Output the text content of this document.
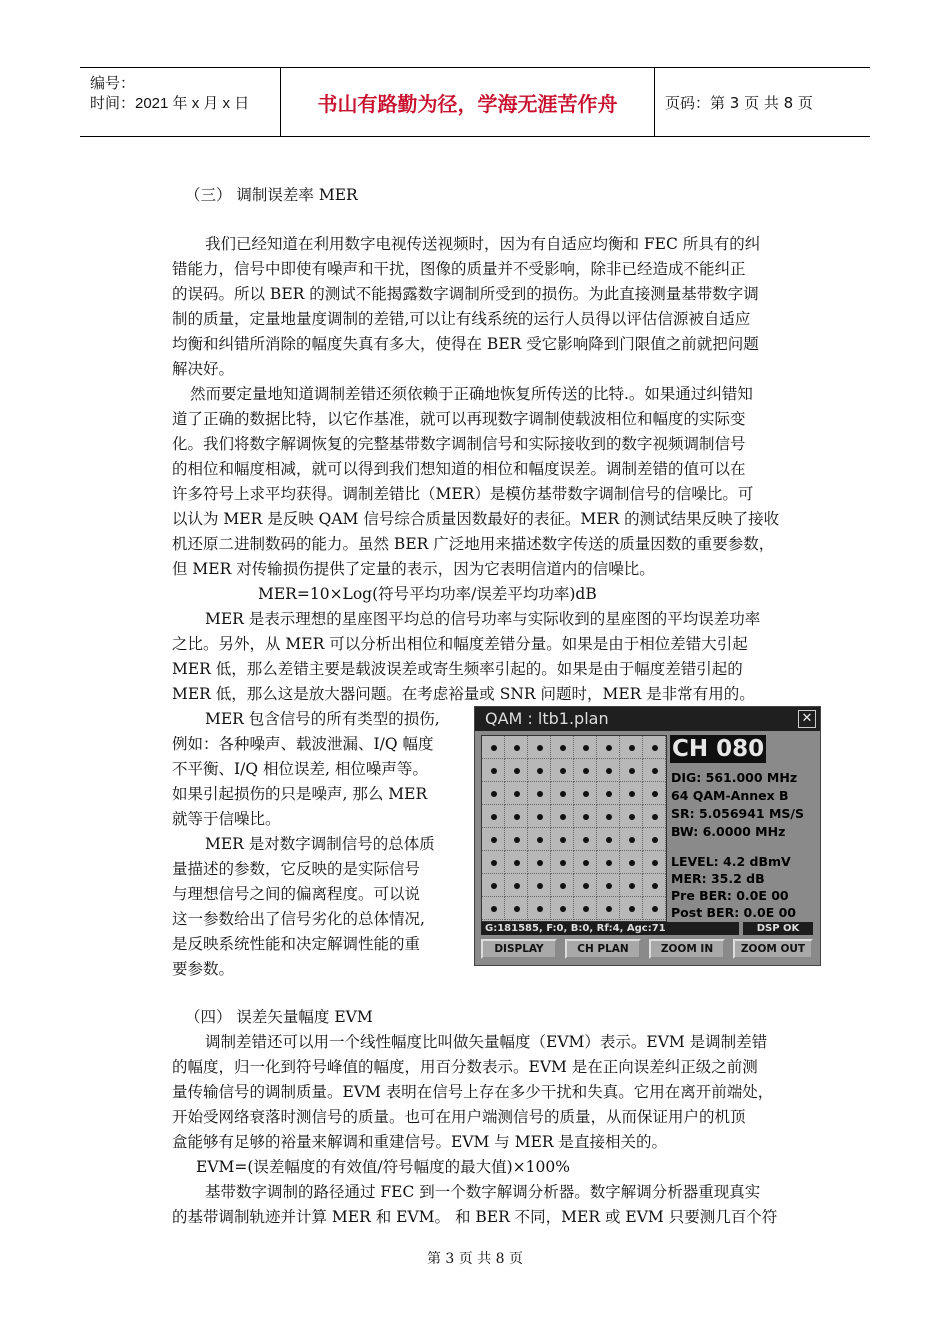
编号：
时间：2021 年 x 月 x 日	书山有路勤为径，学海无涯苦作舟	页码：第 3 页 共 8 页
（三） 调制误差率 MER
我们已经知道在利用数字电视传送视频时，因为有自适应均衡和 FEC 所具有的纠
错能力，信号中即使有噪声和干扰，图像的质量并不受影响，除非已经造成不能纠正
的误码。所以 BER 的测试不能揭露数字调制所受到的损伤。为此直接测量基带数字调
制的质量，定量地量度调制的差错,可以让有线系统的运行人员得以评估信源被自适应
均衡和纠错所消除的幅度失真有多大，使得在 BER 受它影响降到门限值之前就把问题
解决好。
然而要定量地知道调制差错还须依赖于正确地恢复所传送的比特.。如果通过纠错知
道了正确的数据比特，以它作基准，就可以再现数字调制使载波相位和幅度的实际变
化。我们将数字解调恢复的完整基带数字调制信号和实际接收到的数字视频调制信号
的相位和幅度相减，就可以得到我们想知道的相位和幅度误差。调制差错的值可以在
许多符号上求平均获得。调制差错比（MER）是模仿基带数字调制信号的信噪比。可
以认为 MER 是反映 QAM 信号综合质量因数最好的表征。MER 的测试结果反映了接收
机还原二进制数码的能力。虽然 BER 广泛地用来描述数字传送的质量因数的重要参数，
但 MER 对传输损伤提供了定量的表示，因为它表明信道内的信噪比。
MER=10×Log(符号平均功率/误差平均功率)dB
MER 是表示理想的星座图平均总的信号功率与实际收到的星座图的平均误差功率
之比。另外，从 MER 可以分析出相位和幅度差错分量。如果是由于相位差错大引起
MER 低，那么差错主要是载波误差或寄生频率引起的。如果是由于幅度差错引起的
MER 低，那么这是放大器问题。在考虑裕量或 SNR 问题时，MER 是非常有用的。
MER 包含信号的所有类型的损伤,
例如：各种噪声、载波泄漏、I/Q 幅度
不平衡、I/Q 相位误差, 相位噪声等。
如果引起损伤的只是噪声, 那么 MER
就等于信噪比。
MER 是对数字调制信号的总体质
量描述的参数，它反映的是实际信号
与理想信号之间的偏离程度。可以说
这一参数给出了信号劣化的总体情况,
是反映系统性能和决定解调性能的重
要参数。
QAM : ltb1.plan	✕
CH 080
DIG: 561.000 MHz
64 QAM-Annex B
SR: 5.056941 MS/S
BW: 6.0000 MHz
LEVEL: 4.2 dBmV
MER: 35.2 dB
Pre BER: 0.0E 00
Post BER: 0.0E 00
G:181585, F:0, B:0, Rf:4, Agc:71	DSP OK
DISPLAY	CH PLAN	ZOOM IN	ZOOM OUT
（四） 误差矢量幅度 EVM
调制差错还可以用一个线性幅度比叫做矢量幅度（EVM）表示。EVM 是调制差错
的幅度，归一化到符号峰值的幅度，用百分数表示。EVM 是在正向误差纠正级之前测
量传输信号的调制质量。EVM 表明在信号上存在多少干扰和失真。它用在离开前端处，
开始受网络衰落时测信号的质量。也可在用户端测信号的质量，从而保证用户的机顶
盒能够有足够的裕量来解调和重建信号。EVM 与 MER 是直接相关的。
EVM=(误差幅度的有效值/符号幅度的最大值)×100%
基带数字调制的路径通过 FEC 到一个数字解调分析器。数字解调分析器重现真实
的基带调制轨迹并计算 MER 和 EVM。 和 BER 不同，MER 或 EVM 只要测几百个符
第 3 页 共 8 页
